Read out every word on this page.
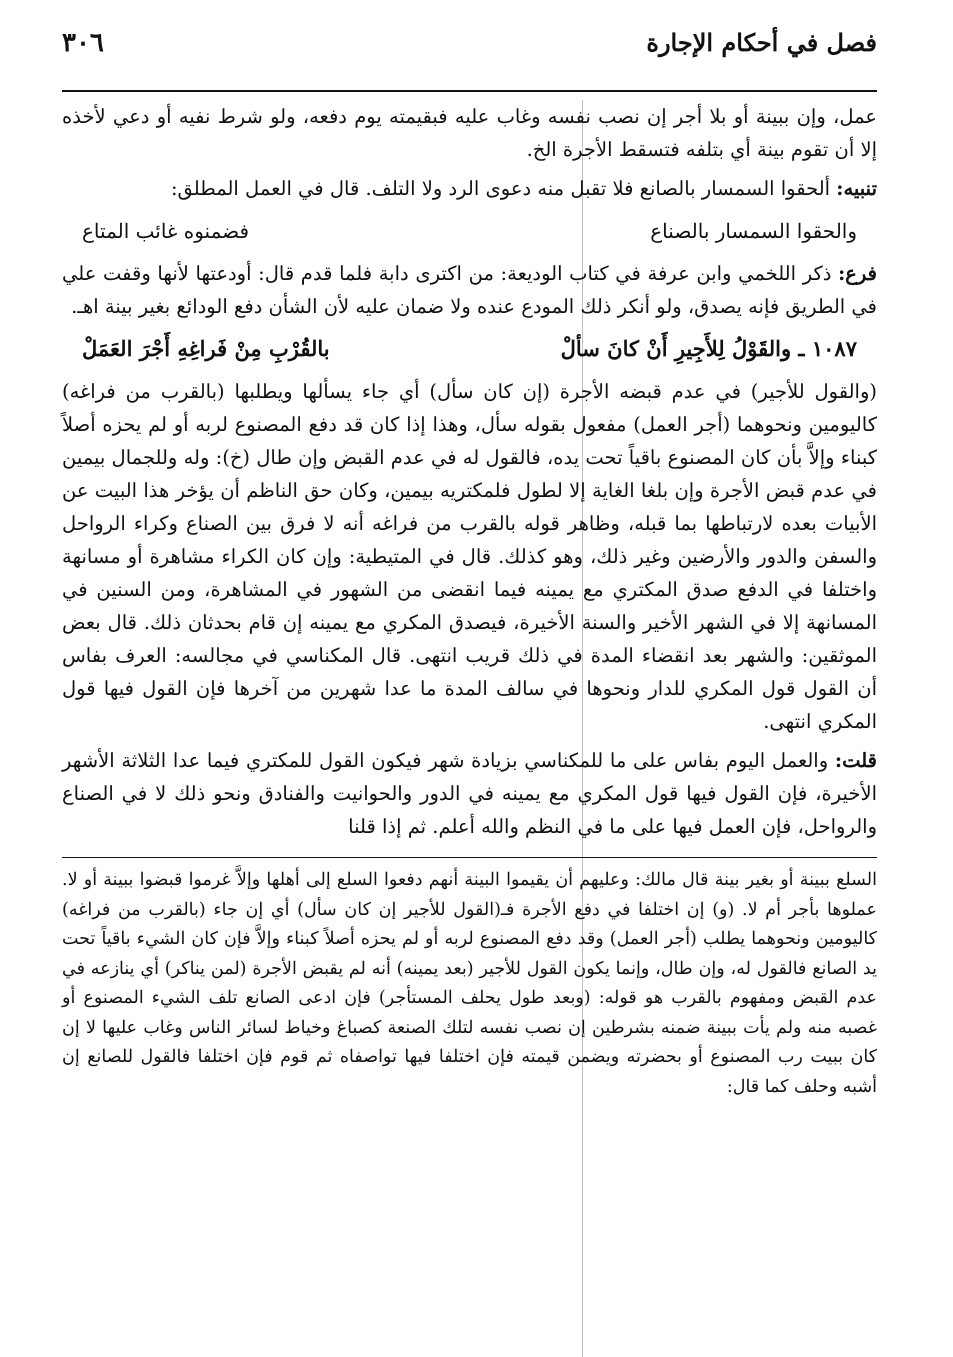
فصل في أحكام الإجارة
٣٠٦

عمل، وإن ببينة أو بلا أجر إن نصب نفسه وغاب عليه فبقيمته يوم دفعه، ولو شرط نفيه أو دعي لأخذه إلا أن تقوم بينة أي بتلفه فتسقط الأجرة الخ.

تنبيه: ألحقوا السمسار بالصانع فلا تقبل منه دعوى الرد ولا التلف. قال في العمل المطلق:

والحقوا السمسار بالصناع
فضمنوه غائب المتاع

فرع: ذكر اللخمي وابن عرفة في كتاب الوديعة: من اكترى دابة فلما قدم قال: أودعتها لأنها وقفت علي في الطريق فإنه يصدق، ولو أنكر ذلك المودع عنده ولا ضمان عليه لأن الشأن دفع الودائع بغير بينة اهـ.

١٠٨٧ ـ والقَوْلُ لِلأَجِيرِ أَنْ كانَ سألْ
بالقُرْبِ مِنْ فَراغِهِ أَجْرَ العَمَلْ

(والقول للأجير) في عدم قبضه الأجرة (إن كان سأل) أي جاء يسألها ويطلبها (بالقرب من فراغه) كاليومين ونحوهما (أجر العمل) مفعول بقوله سأل، وهذا إذا كان قد دفع المصنوع لربه أو لم يحزه أصلاً كبناء وإلاَّ بأن كان المصنوع باقياً تحت يده، فالقول له في عدم القبض وإن طال (خ): وله وللجمال بيمين في عدم قبض الأجرة وإن بلغا الغاية إلا لطول فلمكتريه بيمين، وكان حق الناظم أن يؤخر هذا البيت عن الأبيات بعده لارتباطها بما قبله، وظاهر قوله بالقرب من فراغه أنه لا فرق بين الصناع وكراء الرواحل والسفن والدور والأرضين وغير ذلك، وهو كذلك. قال في المتيطية: وإن كان الكراء مشاهرة أو مسانهة واختلفا في الدفع صدق المكتري مع يمينه فيما انقضى من الشهور في المشاهرة، ومن السنين في المسانهة إلا في الشهر الأخير والسنة الأخيرة، فيصدق المكري مع يمينه إن قام بحدثان ذلك. قال بعض الموثقين: والشهر بعد انقضاء المدة في ذلك قريب انتهى. قال المكناسي في مجالسه: العرف بفاس أن القول قول المكري للدار ونحوها في سالف المدة ما عدا شهرين من آخرها فإن القول فيها قول المكري انتهى.

قلت: والعمل اليوم بفاس على ما للمكناسي بزيادة شهر فيكون القول للمكتري فيما عدا الثلاثة الأشهر الأخيرة، فإن القول فيها قول المكري مع يمينه في الدور والحوانيت والفنادق ونحو ذلك لا في الصناع والرواحل، فإن العمل فيها على ما في النظم والله أعلم. ثم إذا قلنا

السلع ببينة أو بغير بينة قال مالك: وعليهم أن يقيموا البينة أنهم دفعوا السلع إلى أهلها وإلاَّ غرموا قبضوا ببينة أو لا. عملوها بأجر أم لا. (و) إن اختلفا في دفع الأجرة فـ(القول للأجير إن كان سأل) أي إن جاء (بالقرب من فراغه) كاليومين ونحوهما يطلب (أجر العمل) وقد دفع المصنوع لربه أو لم يحزه أصلاً كبناء وإلاَّ فإن كان الشيء باقياً تحت يد الصانع فالقول له، وإن طال، وإنما يكون القول للأجير (بعد يمينه) أنه لم يقبض الأجرة (لمن يناكر) أي ينازعه في عدم القبض ومفهوم بالقرب هو قوله: (وبعد طول يحلف المستأجر) فإن ادعى الصانع تلف الشيء المصنوع أو غصبه منه ولم يأت ببينة ضمنه بشرطين إن نصب نفسه لتلك الصنعة كصباغ وخياط لسائر الناس وغاب عليها لا إن كان ببيت رب المصنوع أو بحضرته ويضمن قيمته فإن اختلفا فيها تواصفاه ثم قوم فإن اختلفا فالقول للصانع إن أشبه وحلف كما قال:
